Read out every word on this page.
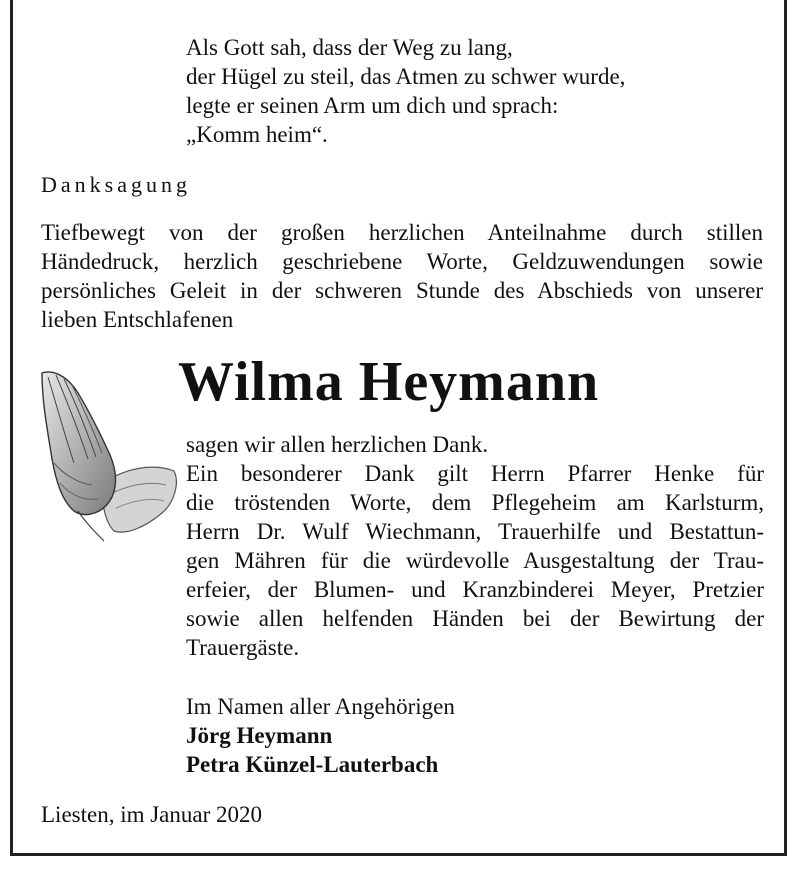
Als Gott sah, dass der Weg zu lang,
der Hügel zu steil, das Atmen zu schwer wurde,
legte er seinen Arm um dich und sprach:
„Komm heim“.
Danksagung
Tiefbewegt von der großen herzlichen Anteilnahme durch stillen
Händedruck, herzlich geschriebene Worte, Geldzuwendungen sowie
persönliches Geleit in der schweren Stunde des Abschieds von unserer
lieben Entschlafenen
Wilma Heymann
sagen wir allen herzlichen Dank.
Ein besonderer Dank gilt Herrn Pfarrer Henke für
die tröstenden Worte, dem Pflegeheim am Karlsturm,
Herrn Dr. Wulf Wiechmann, Trauerhilfe und Bestattun-
gen Mähren für die würdevolle Ausgestaltung der Trau-
erfeier, der Blumen- und Kranzbinderei Meyer, Pretzier
sowie allen helfenden Händen bei der Bewirtung der
Trauergäste.
Im Namen aller Angehörigen
Jörg Heymann
Petra Künzel-Lauterbach
Liesten, im Januar 2020
